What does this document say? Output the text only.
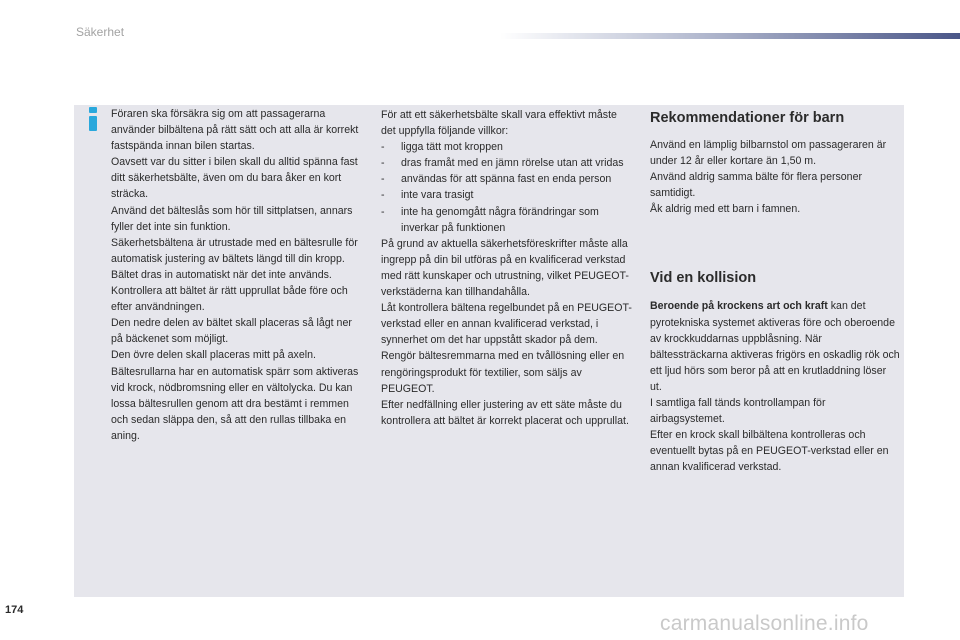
Säkerhet

Föraren ska försäkra sig om att passagerarna använder bilbältena på rätt sätt och att alla är korrekt fastspända innan bilen startas.

Oavsett var du sitter i bilen skall du alltid spänna fast ditt säkerhetsbälte, även om du bara åker en kort sträcka.

Använd det bälteslås som hör till sittplatsen, annars fyller det inte sin funktion.

Säkerhetsbältena är utrustade med en bältesrulle för automatisk justering av bältets längd till din kropp. Bältet dras in automatiskt när det inte används.

Kontrollera att bältet är rätt upprullat både före och efter användningen.

Den nedre delen av bältet skall placeras så lågt ner på bäckenet som möjligt.

Den övre delen skall placeras mitt på axeln.

Bältesrullarna har en automatisk spärr som aktiveras vid krock, nödbromsning eller en vältolycka. Du kan lossa bältesrullen genom att dra bestämt i remmen och sedan släppa den, så att den rullas tillbaka en aning.

För att ett säkerhetsbälte skall vara effektivt måste det uppfylla följande villkor:

- ligga tätt mot kroppen
- dras framåt med en jämn rörelse utan att vridas
- användas för att spänna fast en enda person
- inte vara trasigt
- inte ha genomgått några förändringar som inverkar på funktionen

På grund av aktuella säkerhetsföreskrifter måste alla ingrepp på din bil utföras på en kvalificerad verkstad med rätt kunskaper och utrustning, vilket PEUGEOT-verkstäderna kan tillhandahålla.

Låt kontrollera bältena regelbundet på en PEUGEOT-verkstad eller en annan kvalificerad verkstad, i synnerhet om det har uppstått skador på dem.

Rengör bältesremmarna med en tvållösning eller en rengöringsprodukt för textilier, som säljs av PEUGEOT.

Efter nedfällning eller justering av ett säte måste du kontrollera att bältet är korrekt placerat och upprullat.

Rekommendationer för barn

Använd en lämplig bilbarnstol om passageraren är under 12 år eller kortare än 1,50 m.

Använd aldrig samma bälte för flera personer samtidigt.

Åk aldrig med ett barn i famnen.

Vid en kollision

Beroende på krockens art och kraft kan det pyrotekniska systemet aktiveras före och oberoende av krockkuddarnas uppblåsning. När bältessträckarna aktiveras frigörs en oskadlig rök och ett ljud hörs som beror på att en krutladdning löser ut.

I samtliga fall tänds kontrollampan för airbagsystemet.

Efter en krock skall bilbältena kontrolleras och eventuellt bytas på en PEUGEOT-verkstad eller en annan kvalificerad verkstad.

174
carmanualsonline.info
